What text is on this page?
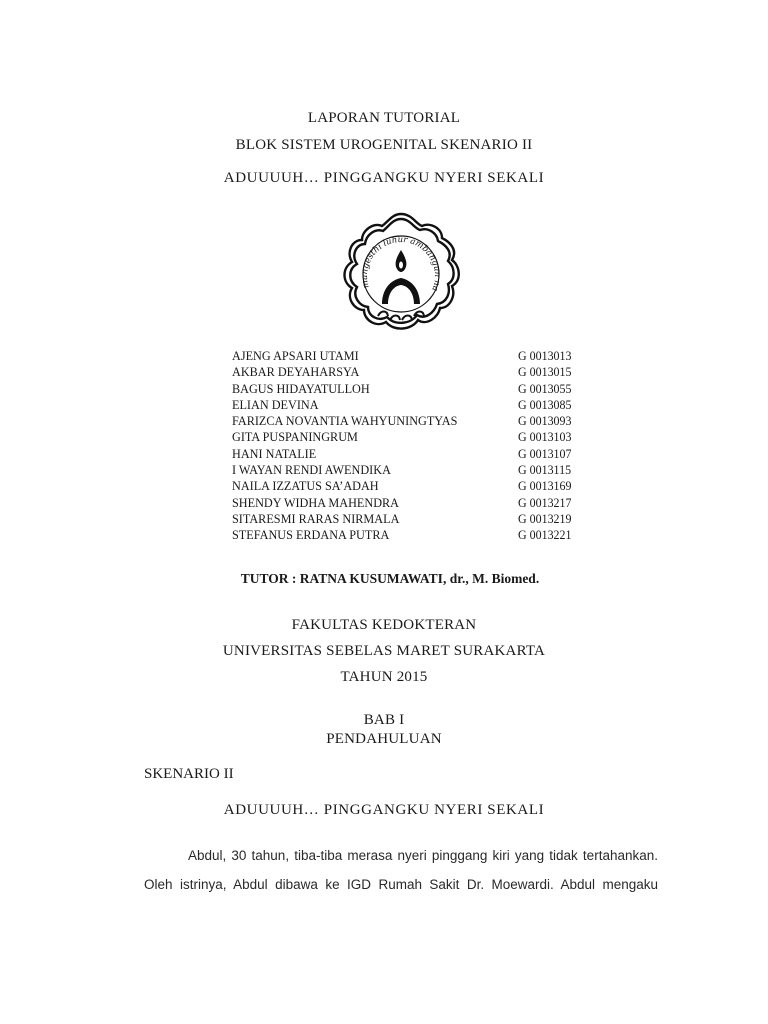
LAPORAN TUTORIAL
BLOK SISTEM UROGENITAL SKENARIO II
ADUUUUH… PINGGANGKU NYERI SEKALI
mangesthi luhur ambangun na
AJENG APSARI UTAMI	G 0013013
AKBAR DEYAHARSYA	G 0013015
BAGUS HIDAYATULLOH	G 0013055
ELIAN DEVINA	G 0013085
FARIZCA NOVANTIA WAHYUNINGTYAS	G 0013093
GITA PUSPANINGRUM	G 0013103
HANI NATALIE	G 0013107
I WAYAN RENDI AWENDIKA	G 0013115
NAILA IZZATUS SA’ADAH	G 0013169
SHENDY WIDHA MAHENDRA	G 0013217
SITARESMI RARAS NIRMALA	G 0013219
STEFANUS ERDANA PUTRA	G 0013221
TUTOR : RATNA KUSUMAWATI, dr., M. Biomed.
FAKULTAS KEDOKTERAN
UNIVERSITAS SEBELAS MARET SURAKARTA
TAHUN 2015
BAB I
PENDAHULUAN
SKENARIO II
ADUUUUH… PINGGANGKU NYERI SEKALI
Abdul, 30 tahun, tiba-tiba merasa nyeri pinggang kiri yang tidak tertahankan.
Oleh istrinya, Abdul dibawa ke IGD Rumah Sakit Dr. Moewardi. Abdul mengaku
